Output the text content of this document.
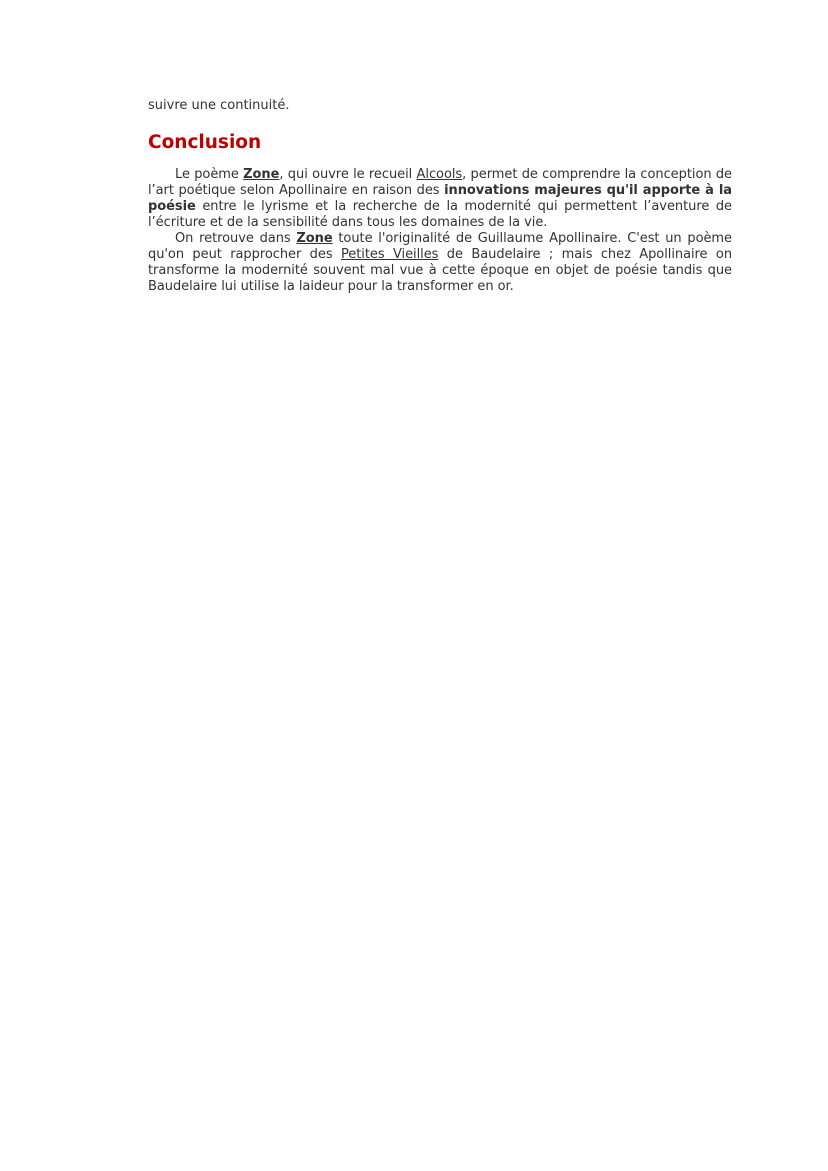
suivre une continuité.

Conclusion

Le poème Zone, qui ouvre le recueil Alcools, permet de comprendre la conception de l’art poétique selon Apollinaire en raison des innovations majeures qu'il apporte à la poésie entre le lyrisme et la recherche de la modernité qui permettent l’aventure de l’écriture et de la sensibilité dans tous les domaines de la vie.

On retrouve dans Zone toute l'originalité de Guillaume Apollinaire. C'est un poème qu'on peut rapprocher des Petites Vieilles de Baudelaire ; mais chez Apollinaire on transforme la modernité souvent mal vue à cette époque en objet de poésie tandis que Baudelaire lui utilise la laideur pour la transformer en or.
